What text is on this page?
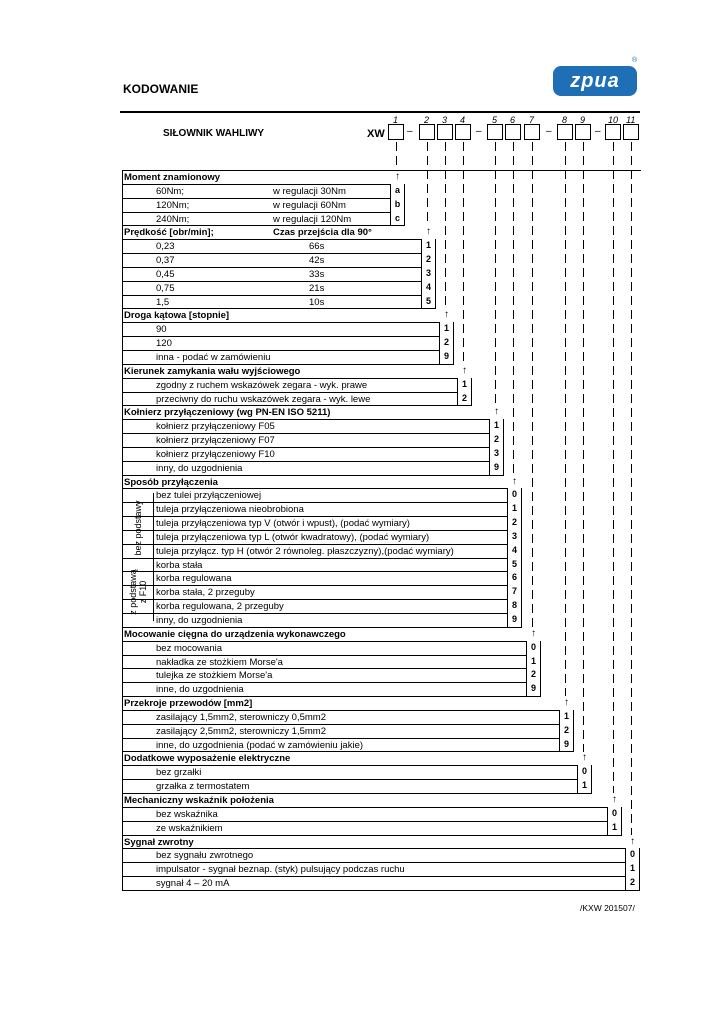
KODOWANIE	zpua
®
1	2 3 4	5 6 7	8 9	10 11
SIŁOWNIK WAHLIWY	XW –	–	–	–
Moment znamionowy	↑
60Nm;	w regulacji 30Nm	a
120Nm;	w regulacji 60Nm	b
240Nm;	w regulacji 120Nm	c
Prędkość [obr/min];	Czas przejścia dla 90°	↑
0,23	66s	1
0,37	42s	2
0,45	33s	3
0,75	21s	4
1,5	10s	5
Droga kątowa [stopnie]	↑
90	1
120	2
inna - podać w zamówieniu	9
Kierunek zamykania wału wyjściowego	↑
zgodny z ruchem wskazówek zegara - wyk. prawe	1
przeciwny do ruchu wskazówek zegara - wyk. lewe	2
Kołnierz przyłączeniowy (wg PN-EN ISO 5211)	↑
kołnierz przyłączeniowy F05	1
kołnierz przyłączeniowy F07	2
kołnierz przyłączeniowy F10	3
inny, do uzgodnienia	9
Sposób przyłączenia	↑
bez tulei przyłączeniowej	0
tuleja przyłączeniowa nieobrobiona	1
tuleja przyłączeniowa typ V (otwór i wpust), (podać wymiary)	2
tuleja przyłączeniowa typ L (otwór kwadratowy), (podać wymiary)	3
tuleja przyłącz. typ H (otwór 2 równoleg. płaszczyzny),(podać wymiary)	4
korba stała	5
korba regulowana	6
korba stała, 2 przeguby	7
korba regulowana, 2 przeguby	8
inny, do uzgodnienia	9
Mocowanie cięgna do urządzenia wykonawczego	↑
bez mocowania	0
nakładka ze stożkiem Morse'a	1
tulejka ze stożkiem Morse'a	2
inne, do uzgodnienia	9
Przekroje przewodów [mm2]	↑
zasilający 1,5mm2, sterowniczy 0,5mm2	1
zasilający 2,5mm2, sterowniczy 1,5mm2	2
inne, do uzgodnienia (podać w zamówieniu jakie)	9
Dodatkowe wyposażenie elektryczne	↑
bez grzałki	0
grzałka z termostatem	1
Mechaniczny wskaźnik położenia	↑
bez wskaźnika	0
ze wskaźnikiem	1
Sygnał zwrotny	↑
bez sygnału zwrotnego	0
impulsator - sygnał beznap. (styk) pulsujący podczas ruchu	1
sygnał 4 – 20 mA	2
bez podstawy
z podstawą z F10
/KXW 201507/
